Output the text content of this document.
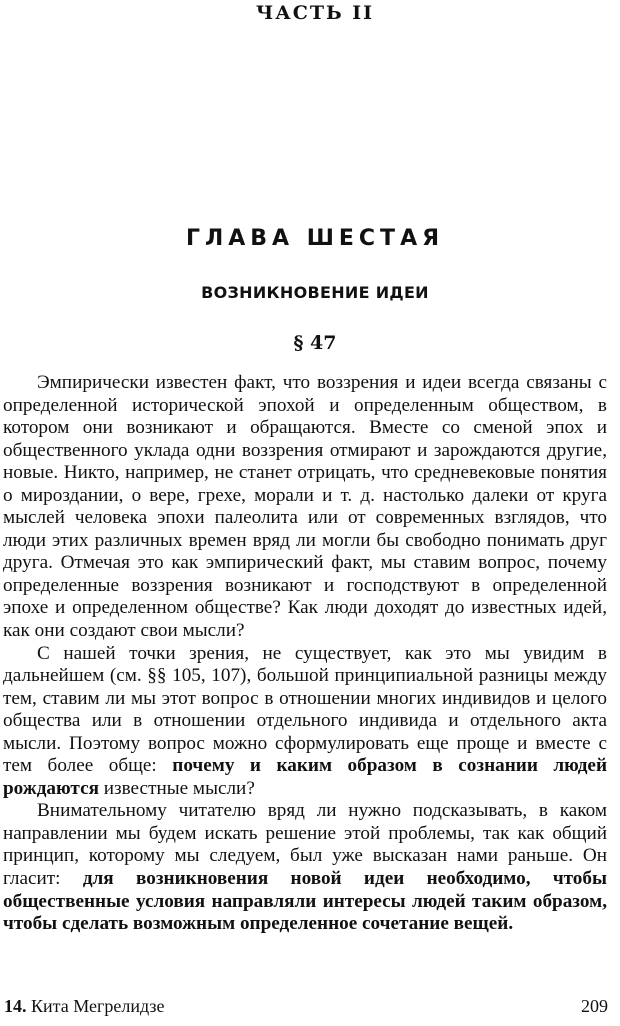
ЧАСТЬ II
ГЛАВА ШЕСТАЯ
ВОЗНИКНОВЕНИЕ ИДЕИ
§ 47

Эмпирически известен факт, что воззрения и идеи всегда связаны с определенной исторической эпохой и определенным обществом, в котором они возникают и обращаются. Вместе со сменой эпох и общественного уклада одни воззрения отмирают и зарождаются другие, новые. Никто, например, не станет отрицать, что средневековые понятия о мироздании, о вере, грехе, морали и т. д. настолько далеки от круга мыслей человека эпохи палеолита или от современных взглядов, что люди этих различных времен вряд ли могли бы свободно понимать друг друга. Отмечая это как эмпирический факт, мы ставим вопрос, почему определенные воззрения возникают и господствуют в определенной эпохе и определенном обществе? Как люди доходят до известных идей, как они создают свои мысли?

С нашей точки зрения, не существует, как это мы увидим в дальнейшем (см. §§ 105, 107), большой принципиальной разницы между тем, ставим ли мы этот вопрос в отношении многих индивидов и целого общества или в отношении отдельного индивида и отдельного акта мысли. Поэтому вопрос можно сформулировать еще проще и вместе с тем более обще: почему и каким образом в сознании людей рождаются известные мысли?

Внимательному читателю вряд ли нужно подсказывать, в каком направлении мы будем искать решение этой проблемы, так как общий принцип, которому мы следуем, был уже высказан нами раньше. Он гласит: для возникновения новой идеи необходимо, чтобы общественные условия направляли интересы людей таким образом, чтобы сделать возможным определенное сочетание вещей.

14. Кита Мегрелидзе	209
